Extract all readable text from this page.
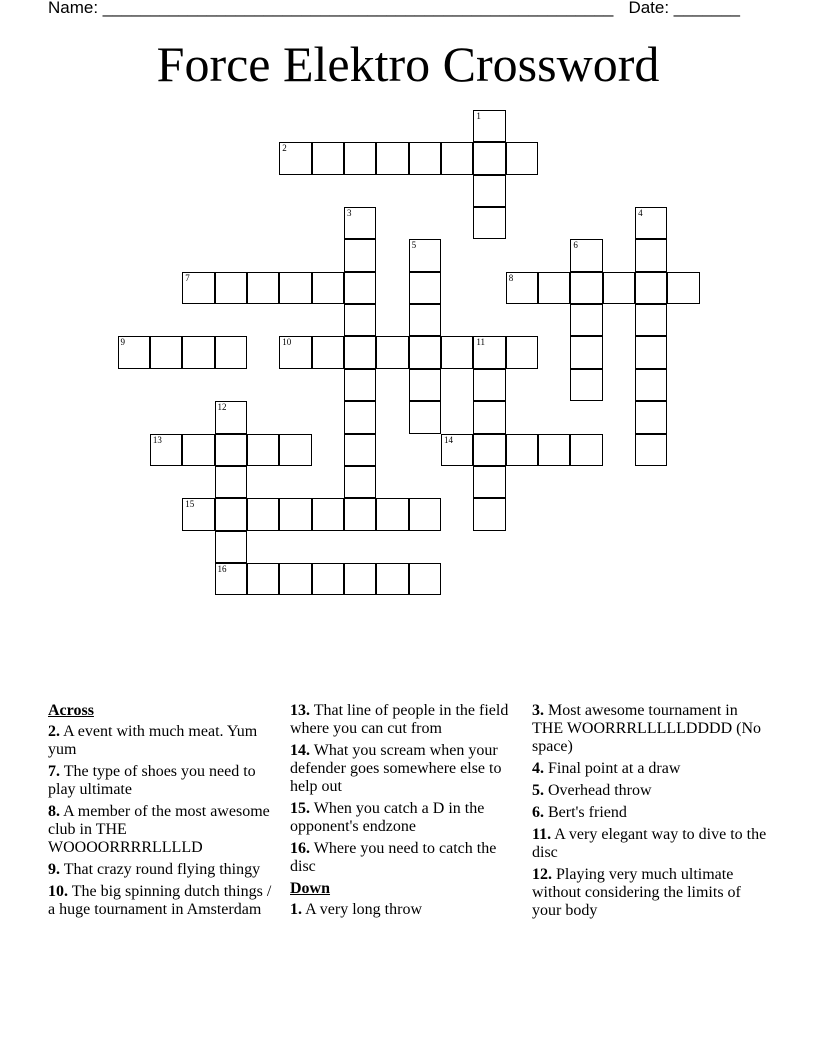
Name: ______________________________________________________ Date: _______
Force Elektro Crossword
2
7	8
9	10	11
13	14
15
16
1
3	4
5	6
12
Across
2. A event with much meat. Yum yum
7. The type of shoes you need to play ultimate
8. A member of the most awesome club in THE WOOOORRRRLLLLD
9. That crazy round flying thingy
10. The big spinning dutch things / a huge tournament in Amsterdam
13. That line of people in the field where you can cut from
14. What you scream when your defender goes somewhere else to help out
15. When you catch a D in the opponent's endzone
16. Where you need to catch the disc
Down
1. A very long throw
3. Most awesome tournament in THE WOORRRLLLLLDDDD (No space)
4. Final point at a draw
5. Overhead throw
6. Bert's friend
11. A very elegant way to dive to the disc
12. Playing very much ultimate without considering the limits of your body
